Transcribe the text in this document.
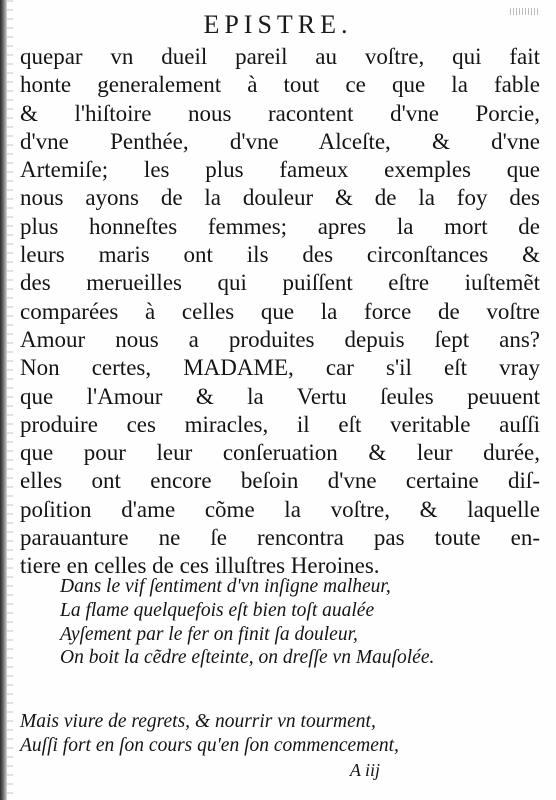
EPISTRE.
quepar vn dueil pareil au voſtre, qui fait
honte generalement à tout ce que la fable
& l'hiſtoire nous racontent d'vne Porcie,
d'vne Penthée, d'vne Alceſte, & d'vne
Artemiſe; les plus fameux exemples que
nous ayons de la douleur & de la foy des
plus honneſtes femmes; apres la mort de
leurs maris ont ils des circonſtances &
des merueilles qui puiſſent eſtre iuſtemẽt
comparées à celles que la force de voſtre
Amour nous a produites depuis ſept ans?
Non certes, MADAME, car s'il eſt vray
que l'Amour & la Vertu ſeules peuuent
produire ces miracles, il eſt veritable auſſi
que pour leur conſeruation & leur durée,
elles ont encore beſoin d'vne certaine diſ-
poſition d'ame cõme la voſtre, & laquelle
parauanture ne ſe rencontra pas toute en-
tiere en celles de ces illuſtres Heroines.
Dans le vif ſentiment d'vn inſigne malheur,
La flame quelquefois eſt bien toſt aualée
Ayſement par le fer on finit ſa douleur,
On boit la cẽdre eſteinte, on dreſſe vn Mauſolée.
Mais viure de regrets, & nourrir vn tourment,
Auſſi fort en ſon cours qu'en ſon commencement,
A iij
